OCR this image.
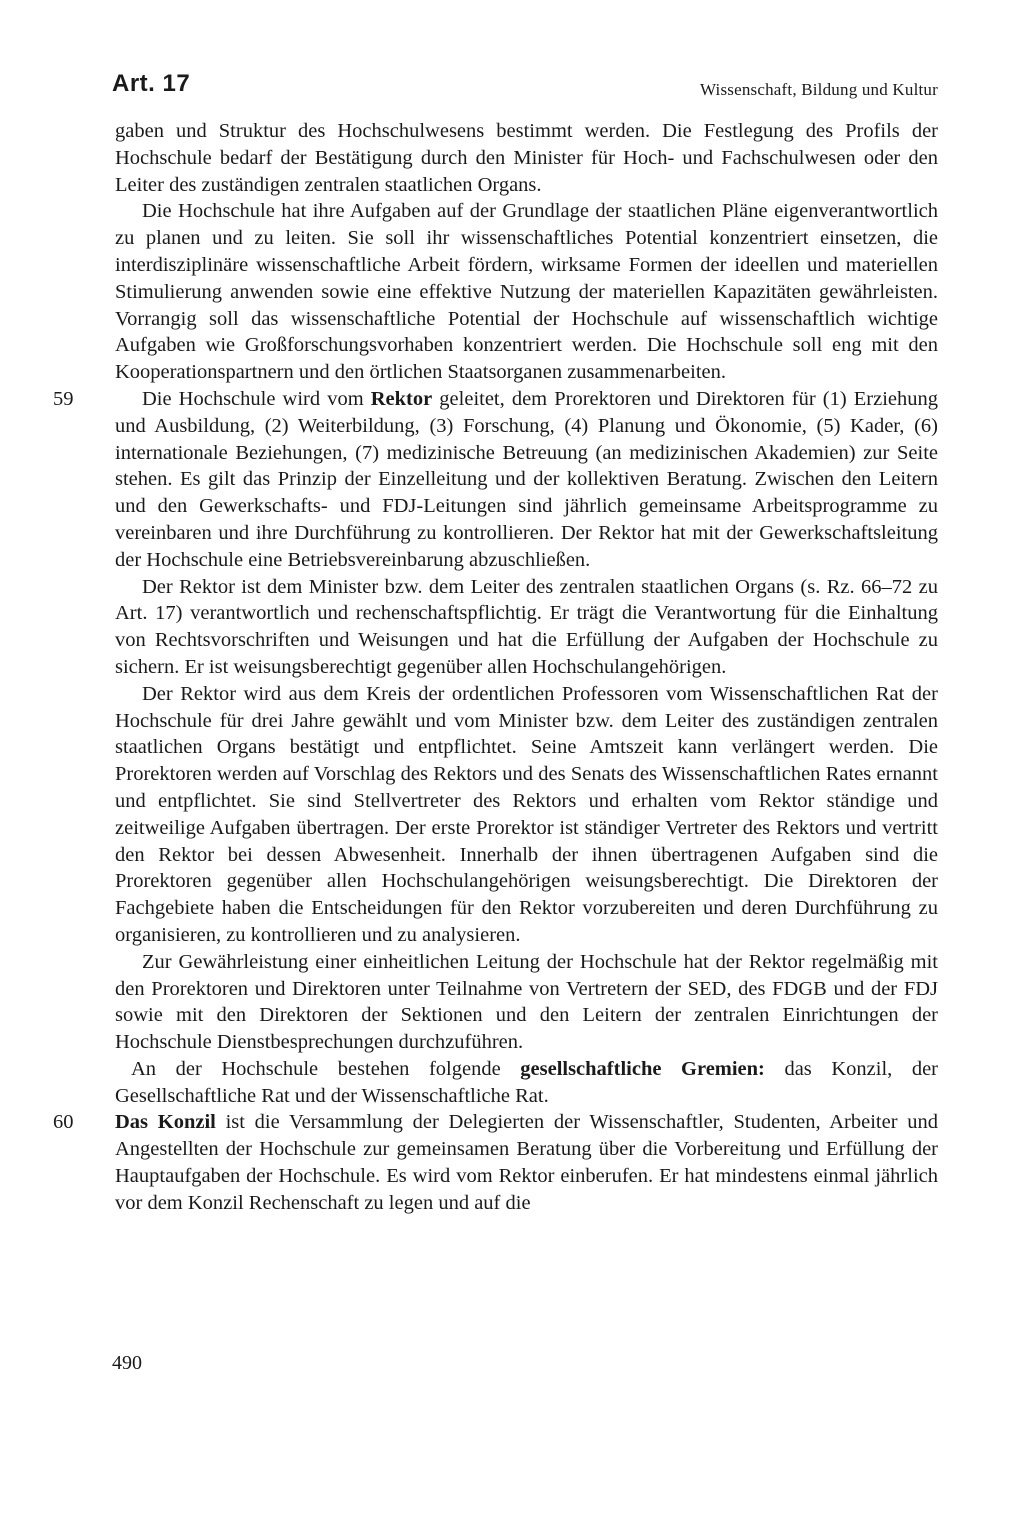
Art. 17	Wissenschaft, Bildung und Kultur

gaben und Struktur des Hochschulwesens bestimmt werden. Die Festlegung des Profils der Hochschule bedarf der Bestätigung durch den Minister für Hoch- und Fachschulwesen oder den Leiter des zuständigen zentralen staatlichen Organs.

Die Hochschule hat ihre Aufgaben auf der Grundlage der staatlichen Pläne eigenverantwortlich zu planen und zu leiten. Sie soll ihr wissenschaftliches Potential konzentriert einsetzen, die interdisziplinäre wissenschaftliche Arbeit fördern, wirksame Formen der ideellen und materiellen Stimulierung anwenden sowie eine effektive Nutzung der materiellen Kapazitäten gewährleisten. Vorrangig soll das wissenschaftliche Potential der Hochschule auf wissenschaftlich wichtige Aufgaben wie Großforschungsvorhaben konzentriert werden. Die Hochschule soll eng mit den Kooperationspartnern und den örtlichen Staatsorganen zusammenarbeiten.

59	Die Hochschule wird vom Rektor geleitet, dem Prorektoren und Direktoren für (1) Erziehung und Ausbildung, (2) Weiterbildung, (3) Forschung, (4) Planung und Ökonomie, (5) Kader, (6) internationale Beziehungen, (7) medizinische Betreuung (an medizinischen Akademien) zur Seite stehen. Es gilt das Prinzip der Einzelleitung und der kollektiven Beratung. Zwischen den Leitern und den Gewerkschafts- und FDJ-Leitungen sind jährlich gemeinsame Arbeitsprogramme zu vereinbaren und ihre Durchführung zu kontrollieren. Der Rektor hat mit der Gewerkschaftsleitung der Hochschule eine Betriebsvereinbarung abzuschließen.

Der Rektor ist dem Minister bzw. dem Leiter des zentralen staatlichen Organs (s. Rz. 66–72 zu Art. 17) verantwortlich und rechenschaftspflichtig. Er trägt die Verantwortung für die Einhaltung von Rechtsvorschriften und Weisungen und hat die Erfüllung der Aufgaben der Hochschule zu sichern. Er ist weisungsberechtigt gegenüber allen Hochschulangehörigen.

Der Rektor wird aus dem Kreis der ordentlichen Professoren vom Wissenschaftlichen Rat der Hochschule für drei Jahre gewählt und vom Minister bzw. dem Leiter des zuständigen zentralen staatlichen Organs bestätigt und entpflichtet. Seine Amtszeit kann verlängert werden. Die Prorektoren werden auf Vorschlag des Rektors und des Senats des Wissenschaftlichen Rates ernannt und entpflichtet. Sie sind Stellvertreter des Rektors und erhalten vom Rektor ständige und zeitweilige Aufgaben übertragen. Der erste Prorektor ist ständiger Vertreter des Rektors und vertritt den Rektor bei dessen Abwesenheit. Innerhalb der ihnen übertragenen Aufgaben sind die Prorektoren gegenüber allen Hochschulangehörigen weisungsberechtigt. Die Direktoren der Fachgebiete haben die Entscheidungen für den Rektor vorzubereiten und deren Durchführung zu organisieren, zu kontrollieren und zu analysieren.

Zur Gewährleistung einer einheitlichen Leitung der Hochschule hat der Rektor regelmäßig mit den Prorektoren und Direktoren unter Teilnahme von Vertretern der SED, des FDGB und der FDJ sowie mit den Direktoren der Sektionen und den Leitern der zentralen Einrichtungen der Hochschule Dienstbesprechungen durchzuführen.

An der Hochschule bestehen folgende gesellschaftliche Gremien: das Konzil, der Gesellschaftliche Rat und der Wissenschaftliche Rat.

60 Das Konzil ist die Versammlung der Delegierten der Wissenschaftler, Studenten, Arbeiter und Angestellten der Hochschule zur gemeinsamen Beratung über die Vorbereitung und Erfüllung der Hauptaufgaben der Hochschule. Es wird vom Rektor einberufen. Er hat mindestens einmal jährlich vor dem Konzil Rechenschaft zu legen und auf die

490
